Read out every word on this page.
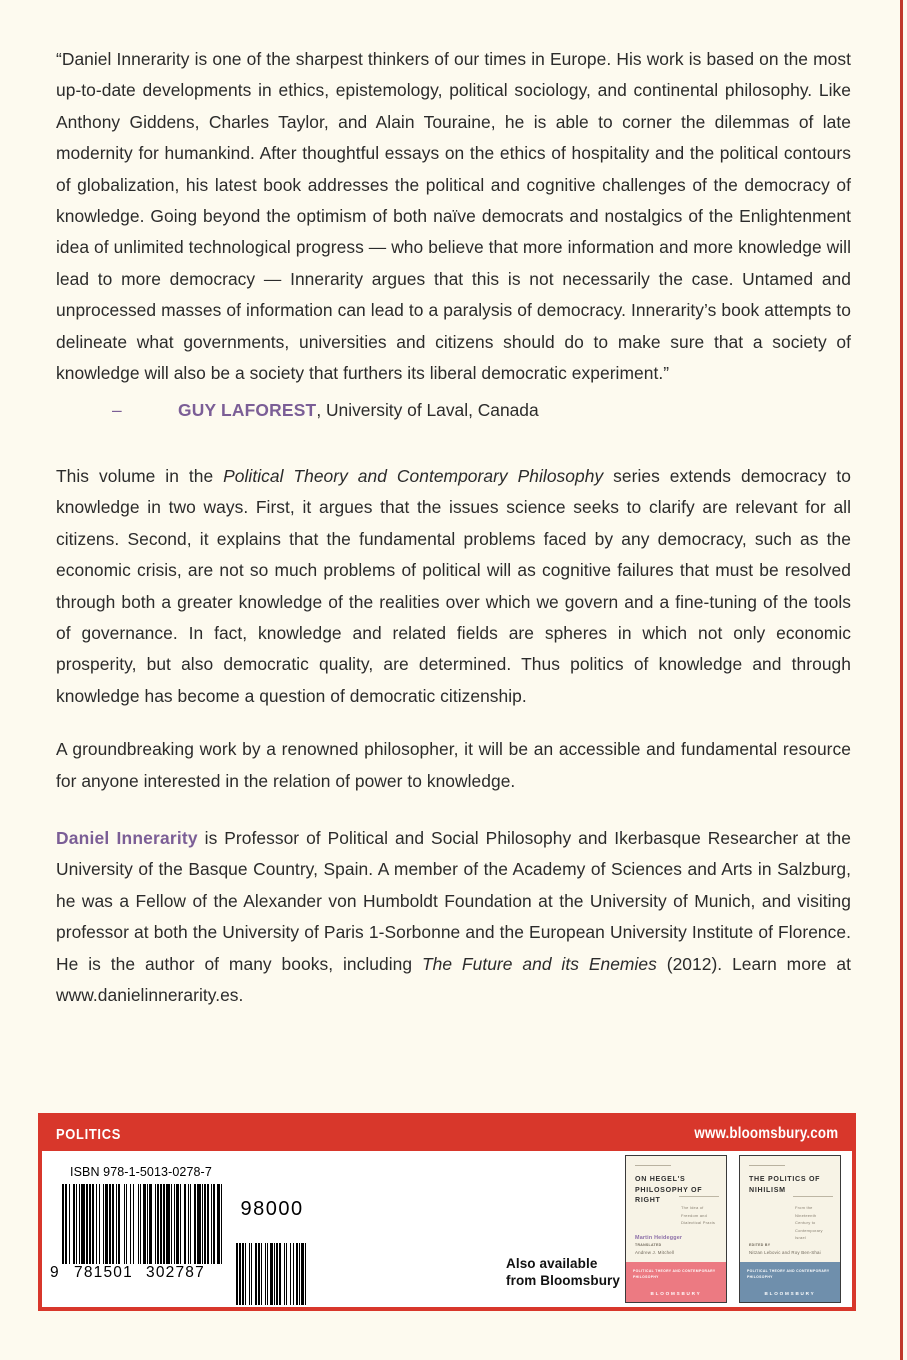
“Daniel Innerarity is one of the sharpest thinkers of our times in Europe. His work is based on the most up-to-date developments in ethics, epistemology, political sociology, and continental philosophy. Like Anthony Giddens, Charles Taylor, and Alain Touraine, he is able to corner the dilemmas of late modernity for humankind. After thoughtful essays on the ethics of hospitality and the political contours of globalization, his latest book addresses the political and cognitive challenges of the democracy of knowledge. Going beyond the optimism of both naïve democrats and nostalgics of the Enlightenment idea of unlimited technological progress — who believe that more information and more knowledge will lead to more democracy — Innerarity argues that this is not necessarily the case. Untamed and unprocessed masses of information can lead to a paralysis of democracy. Innerarity’s book attempts to delineate what governments, universities and citizens should do to make sure that a society of knowledge will also be a society that furthers its liberal democratic experiment.”

–	GUY LAFOREST, University of Laval, Canada

This volume in the Political Theory and Contemporary Philosophy series extends democracy to knowledge in two ways. First, it argues that the issues science seeks to clarify are relevant for all citizens. Second, it explains that the fundamental problems faced by any democracy, such as the economic crisis, are not so much problems of political will as cognitive failures that must be resolved through both a greater knowledge of the realities over which we govern and a fine-tuning of the tools of governance. In fact, knowledge and related fields are spheres in which not only economic prosperity, but also democratic quality, are determined. Thus politics of knowledge and through knowledge has become a question of democratic citizenship.

A groundbreaking work by a renowned philosopher, it will be an accessible and fundamental resource for anyone interested in the relation of power to knowledge.

Daniel Innerarity is Professor of Political and Social Philosophy and Ikerbasque Researcher at the University of the Basque Country, Spain. A member of the Academy of Sciences and Arts in Salzburg, he was a Fellow of the Alexander von Humboldt Foundation at the University of Munich, and visiting professor at both the University of Paris 1-Sorbonne and the European University Institute of Florence. He is the author of many books, including The Future and its Enemies (2012). Learn more at www.danielinnerarity.es.

POLITICS	www.bloomsbury.com
ISBN 978-1-5013-0278-7
9 781501 302787
98000
Also available
from Bloomsbury
ON HEGEL'S PHILOSOPHY OF RIGHT
The Idea of Freedom and Dialectical Praxis
Martin Heidegger
TRANSLATED
Andrew J. Mitchell
POLITICAL THEORY AND CONTEMPORARY PHILOSOPHY
BLOOMSBURY
THE POLITICS OF NIHILISM
From the Nineteenth Century to Contemporary Israel
EDITED BY
Nitzan Lebovic and Roy Ben-Shai
POLITICAL THEORY AND CONTEMPORARY PHILOSOPHY
BLOOMSBURY
